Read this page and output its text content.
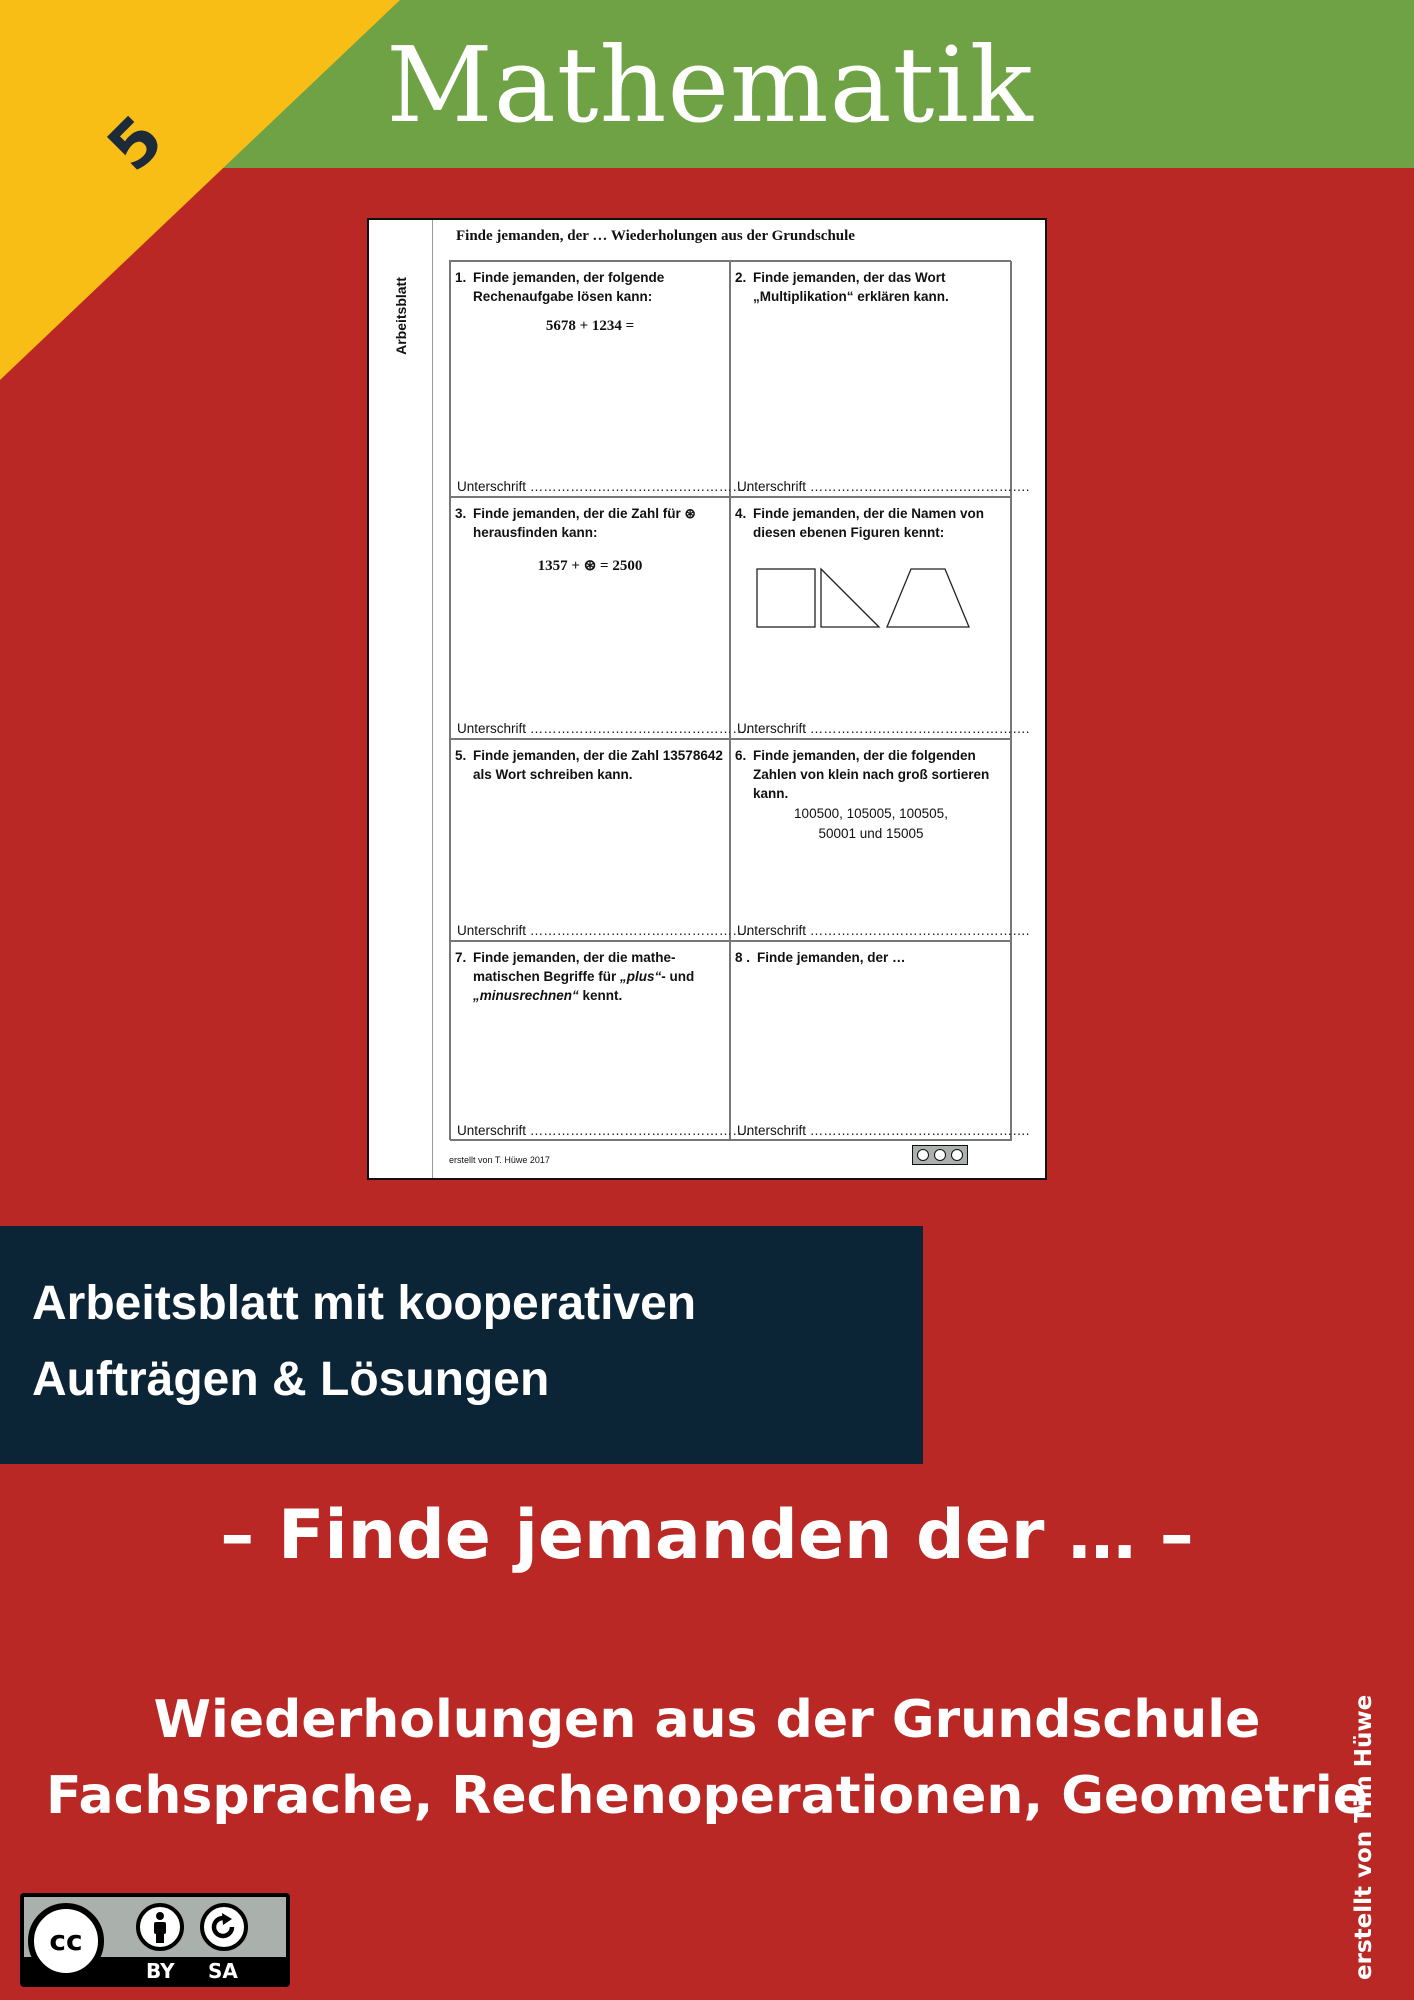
5	Mathematik
Arbeitsblatt
Finde jemanden, der … Wiederholungen aus der Grundschule
1. Finde jemanden, der folgende Rechenaufgabe lösen kann:
5678 + 1234 =
Unterschrift ………………………………………….
2. Finde jemanden, der das Wort „Multiplikation“ erklären kann.
Unterschrift ………………………………………….
3. Finde jemanden, der die Zahl für ⊛ herausfinden kann:
1357 + ⊛ = 2500
Unterschrift ………………………………………….
4. Finde jemanden, der die Namen von diesen ebenen Figuren kennt:
Unterschrift ………………………………………….
5. Finde jemanden, der die Zahl 13578642 als Wort schreiben kann.
Unterschrift ………………………………………….
6. Finde jemanden, der die folgenden Zahlen von klein nach groß sortieren kann.
100500, 105005, 100505,
50001 und 15005
Unterschrift ………………………………………….
7. Finde jemanden, der die mathe-matischen Begriffe für „plus“- und „minusrechnen“ kennt.
Unterschrift ………………………………………….
8 . Finde jemanden, der …
Unterschrift ………………………………………….
erstellt von T. Hüwe 2017
Arbeitsblatt mit kooperativen
Aufträgen & Lösungen
– Finde jemanden der … –
Wiederholungen aus der Grundschule
Fachsprache, Rechenoperationen, Geometrie
erstellt von Tim Hüwe
cc
BY SA
